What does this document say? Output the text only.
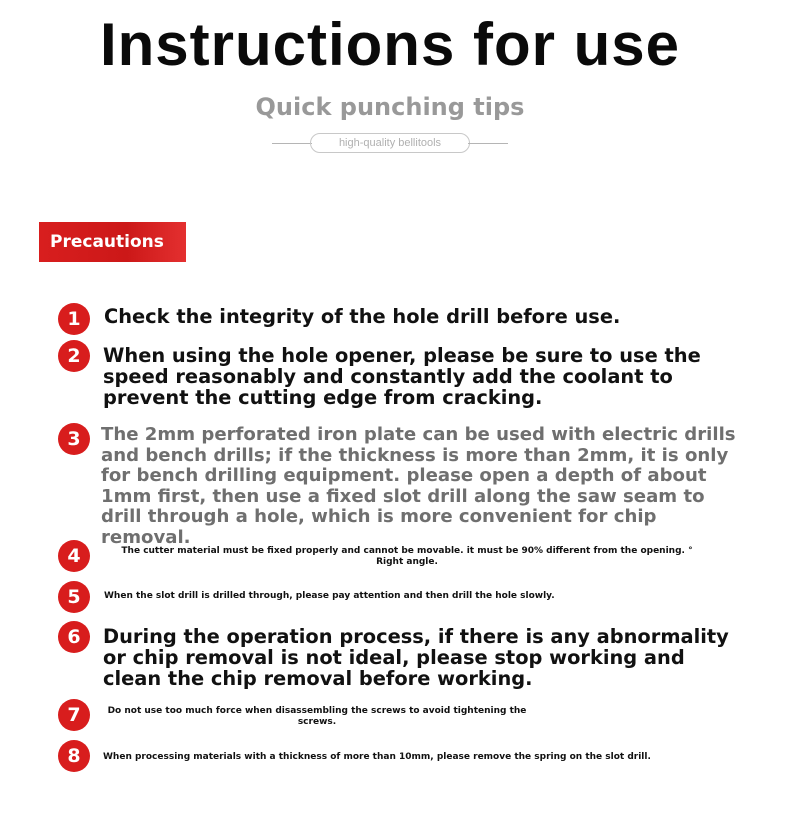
Instructions for use
Quick punching tips
high-quality bellitools
Precautions
1	Check the integrity of the hole drill before use.
2	When using the hole opener, please be sure to use the speed reasonably and constantly add the coolant to prevent the cutting edge from cracking.
3	The 2mm perforated iron plate can be used with electric drills and bench drills; if the thickness is more than 2mm, it is only for bench drilling equipment. please open a depth of about 1mm first, then use a fixed slot drill along the saw seam to drill through a hole, which is more convenient for chip removal.
4	The cutter material must be fixed properly and cannot be movable. it must be 90% different from the opening. ° Right angle.
5	When the slot drill is drilled through, please pay attention and then drill the hole slowly.
6	During the operation process, if there is any abnormality or chip removal is not ideal, please stop working and clean the chip removal before working.
7	Do not use too much force when disassembling the screws to avoid tightening the screws.
8	When processing materials with a thickness of more than 10mm, please remove the spring on the slot drill.
